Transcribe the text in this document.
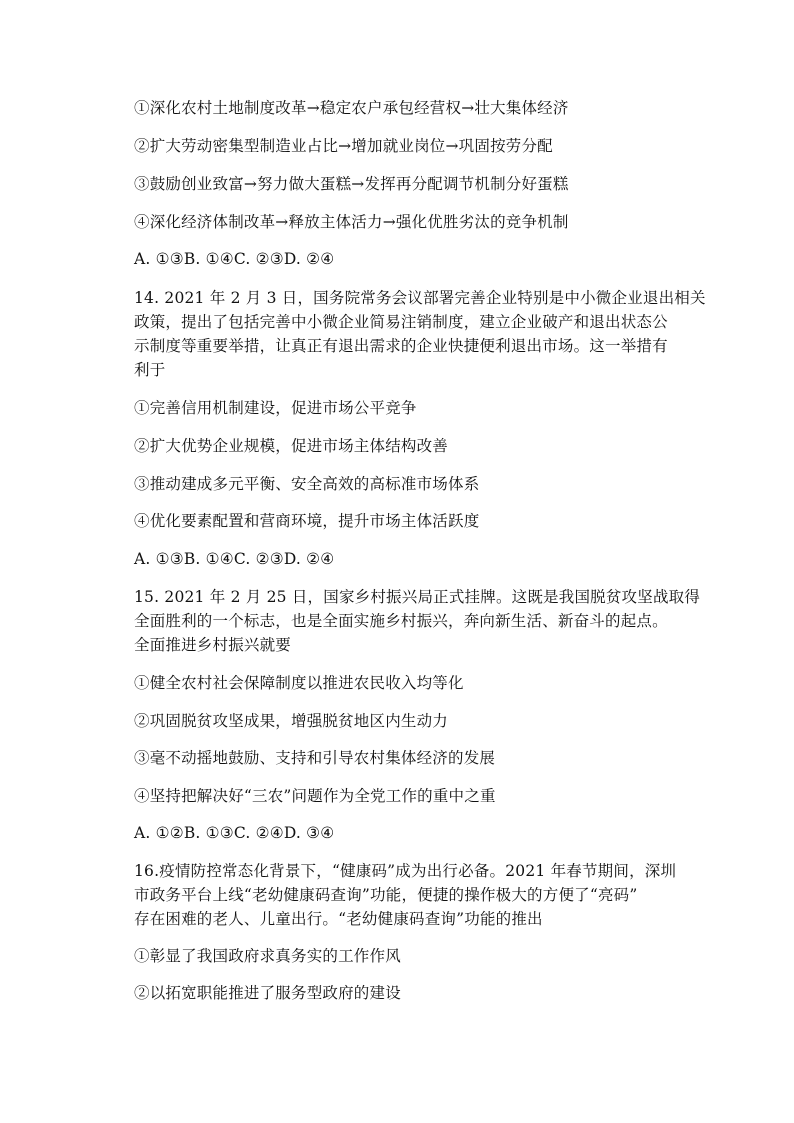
①深化农村土地制度改革→稳定农户承包经营权→壮大集体经济
②扩大劳动密集型制造业占比→增加就业岗位→巩固按劳分配
③鼓励创业致富→努力做大蛋糕→发挥再分配调节机制分好蛋糕
④深化经济体制改革→释放主体活力→强化优胜劣汰的竞争机制
A. ①③B. ①④C. ②③D. ②④
14. 2021 年 2 月 3 日，国务院常务会议部署完善企业特别是中小微企业退出相关
政策，提出了包括完善中小微企业简易注销制度，建立企业破产和退出状态公
示制度等重要举措，让真正有退出需求的企业快捷便利退出市场。这一举措有
利于
①完善信用机制建设，促进市场公平竞争
②扩大优势企业规模，促进市场主体结构改善
③推动建成多元平衡、安全高效的高标准市场体系
④优化要素配置和营商环境，提升市场主体活跃度
A. ①③B. ①④C. ②③D. ②④
15. 2021 年 2 月 25 日，国家乡村振兴局正式挂牌。这既是我国脱贫攻坚战取得
全面胜利的一个标志，也是全面实施乡村振兴，奔向新生活、新奋斗的起点。
全面推进乡村振兴就要
①健全农村社会保障制度以推进农民收入均等化
②巩固脱贫攻坚成果，增强脱贫地区内生动力
③毫不动摇地鼓励、支持和引导农村集体经济的发展
④坚持把解决好“三农”问题作为全党工作的重中之重
A. ①②B. ①③C. ②④D. ③④
16.疫情防控常态化背景下，“健康码”成为出行必备。2021 年春节期间，深圳
市政务平台上线“老幼健康码查询”功能，便捷的操作极大的方便了“亮码”
存在困难的老人、儿童出行。“老幼健康码查询”功能的推出
①彰显了我国政府求真务实的工作作风
②以拓宽职能推进了服务型政府的建设
